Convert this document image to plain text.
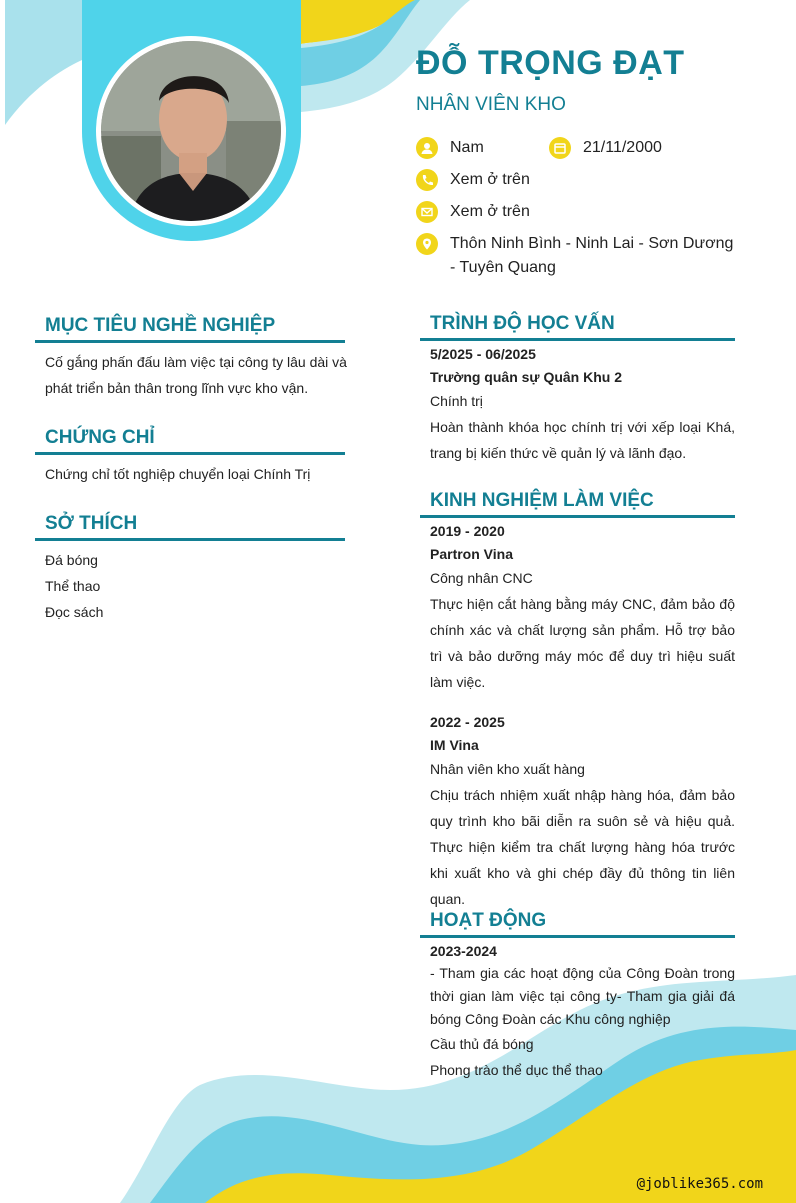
ĐỖ TRỌNG ĐẠT
NHÂN VIÊN KHO
Nam	21/11/2000
Xem ở trên
Xem ở trên
Thôn Ninh Bình - Ninh Lai - Sơn Dương - Tuyên Quang
MỤC TIÊU NGHỀ NGHIỆP
Cố gắng phấn đấu làm việc tại công ty lâu dài và phát triển bản thân trong lĩnh vực kho vận.
CHỨNG CHỈ
Chứng chỉ tốt nghiệp chuyển loại Chính Trị
SỞ THÍCH
Đá bóng
Thể thao
Đọc sách
TRÌNH ĐỘ HỌC VẤN
5/2025 - 06/2025
Trường quân sự Quân Khu 2
Chính trị
Hoàn thành khóa học chính trị với xếp loại Khá, trang bị kiến thức về quản lý và lãnh đạo.
KINH NGHIỆM LÀM VIỆC
2019 - 2020
Partron Vina
Công nhân CNC
Thực hiện cắt hàng bằng máy CNC, đảm bảo độ chính xác và chất lượng sản phẩm. Hỗ trợ bảo trì và bảo dưỡng máy móc để duy trì hiệu suất làm việc.
2022 - 2025
IM Vina
Nhân viên kho xuất hàng
Chịu trách nhiệm xuất nhập hàng hóa, đảm bảo quy trình kho bãi diễn ra suôn sẻ và hiệu quả. Thực hiện kiểm tra chất lượng hàng hóa trước khi xuất kho và ghi chép đầy đủ thông tin liên quan.
HOẠT ĐỘNG
2023-2024
- Tham gia các hoạt động của Công Đoàn trong thời gian làm việc tại công ty- Tham gia giải đá bóng Công Đoàn các Khu công nghiệp
Cầu thủ đá bóng
Phong trào thể dục thể thao
@joblike365.com
